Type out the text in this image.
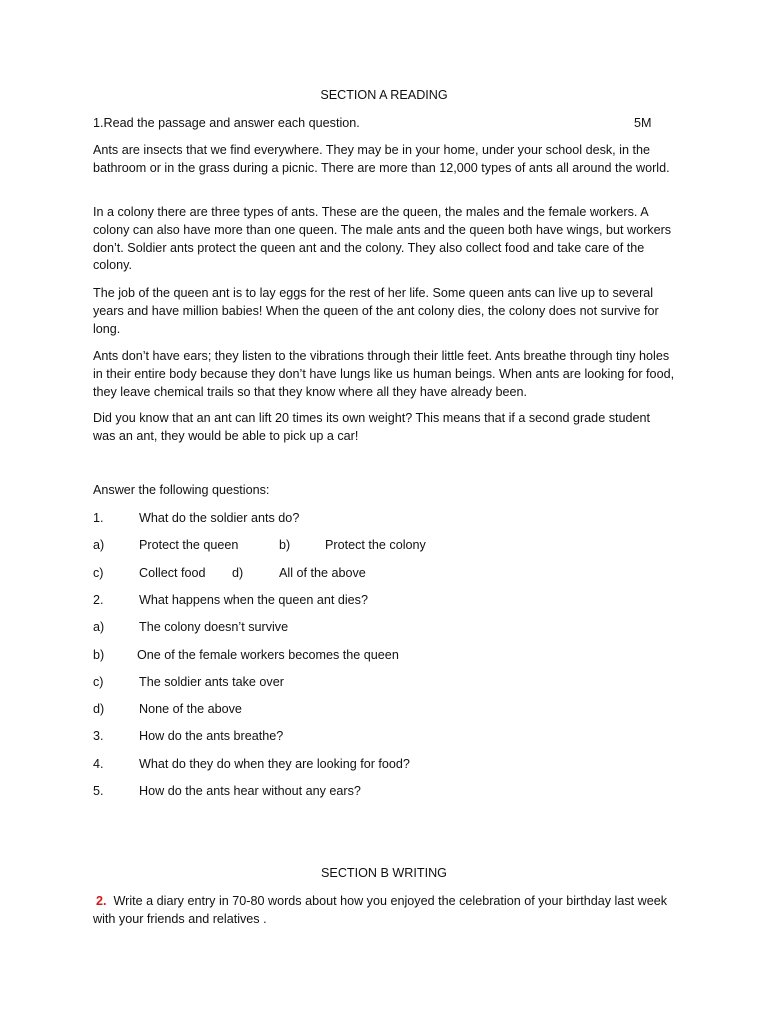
SECTION A READING
1.Read the passage and answer each question.	5M
Ants are insects that we find everywhere. They may be in your home, under your school desk, in the bathroom or in the grass during a picnic. There are more than 12,000 types of ants all around the world.
In a colony there are three types of ants. These are the queen, the males and the female workers. A colony can also have more than one queen. The male ants and the queen both have wings, but workers don’t. Soldier ants protect the queen ant and the colony. They also collect food and take care of the colony.
The job of the queen ant is to lay eggs for the rest of her life. Some queen ants can live up to several years and have million babies! When the queen of the ant colony dies, the colony does not survive for long.
Ants don’t have ears; they listen to the vibrations through their little feet. Ants breathe through tiny holes in their entire body because they don’t have lungs like us human beings. When ants are looking for food, they leave chemical trails so that they know where all they have already been.
Did you know that an ant can lift 20 times its own weight? This means that if a second grade student was an ant, they would be able to pick up a car!
Answer the following questions:
1.	What do the soldier ants do?
a)	Protect the queen	b)	Protect the colony
c)	Collect food d)	All of the above
2.	What happens when the queen ant dies?
a)	The colony doesn’t survive
b)	One of the female workers becomes the queen
c)	The soldier ants take over
d)	None of the above
3.	How do the ants breathe?
4.	What do they do when they are looking for food?
5.	How do the ants hear without any ears?
SECTION B WRITING
2. Write a diary entry in 70-80 words about how you enjoyed the celebration of your birthday last week with your friends and relatives .
